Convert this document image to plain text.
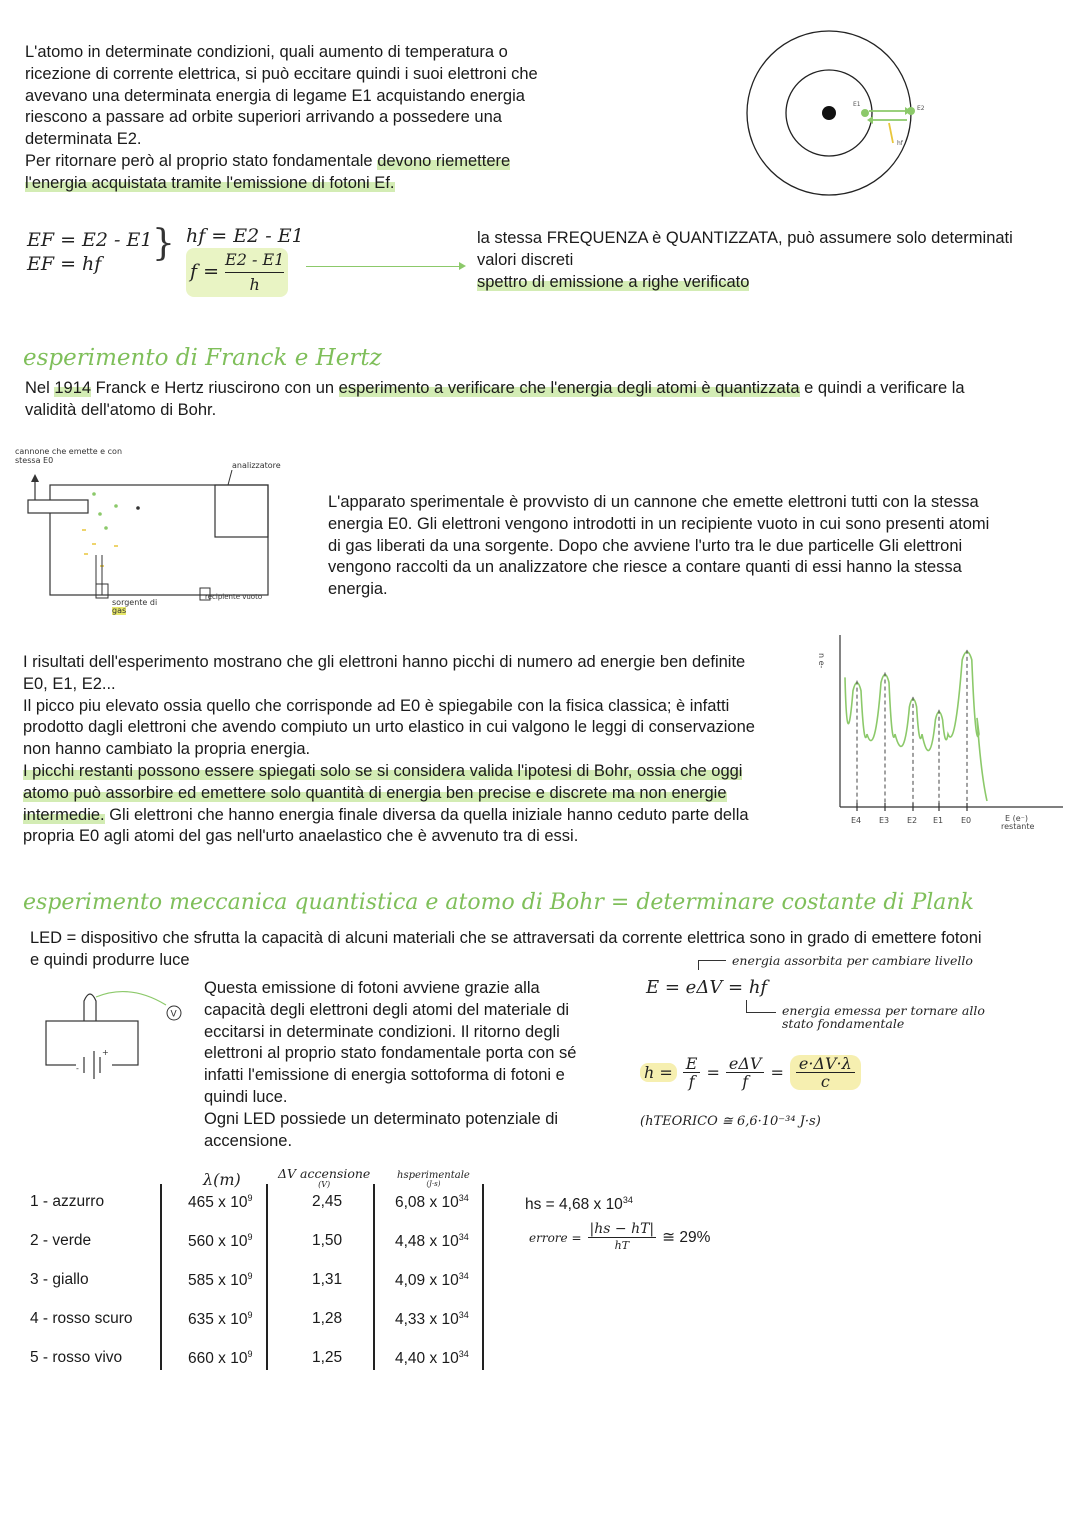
L'atomo in determinate condizioni, quali aumento di temperatura o
ricezione di corrente elettrica, si può eccitare quindi i suoi elettroni che
avevano una determinata energia di legame E1 acquistando energia
riescono a passare ad orbite superiori arrivando a possedere una
determinata E2.
Per ritornare però al proprio stato fondamentale devono riemettere
l'energia acquistata tramite l'emissione di fotoni Ef.
E1
E2
hf
EF = E2 - E1
EF = hf	} hf = E2 - E1
$f = \frac{E2 - E1}{h}$
la stessa FREQUENZA è QUANTIZZATA, può assumere solo determinati
valori discreti
spettro di emissione a righe verificato
esperimento di Franck e Hertz
Nel 1914 Franck e Hertz riuscirono con un esperimento a verificare che l'energia degli atomi è quantizzata e quindi a verificare la
validità dell'atomo di Bohr.
cannone che emette e con stessa E0
analizzatore
sorgente di
gas
recipiente vuoto
L'apparato sperimentale è provvisto di un cannone che emette elettroni tutti con la stessa
energia E0. Gli elettroni vengono introdotti in un recipiente vuoto in cui sono presenti atomi
di gas liberati da una sorgente. Dopo che avviene l'urto tra le due particelle Gli elettroni
vengono raccolti da un analizzatore che riesce a contare quanti di essi hanno la stessa
energia.
I risultati dell'esperimento mostrano che gli elettroni hanno picchi di numero ad energie ben definite
E0, E1, E2...
Il picco piu elevato ossia quello che corrisponde ad E0 è spiegabile con la fisica classica; è infatti
prodotto dagli elettroni che avendo compiuto un urto elastico in cui valgono le leggi di conservazione
non hanno cambiato la propria energia.
I picchi restanti possono essere spiegati solo se si considera valida l'ipotesi di Bohr, ossia che oggi
atomo può assorbire ed emettere solo quantità di energia ben precise e discrete ma non energie
intermedie. Gli elettroni che hanno energia finale diversa da quella iniziale hanno ceduto parte della
propria E0 agli atomi del gas nell'urto anaelastico che è avvenuto tra di essi.
n e-
E4 E3 E2 E1 E0	E (e⁻) restante
esperimento meccanica quantistica e atomo di Bohr = determinare costante di Plank
LED = dispositivo che sfrutta la capacità di alcuni materiali che se attraversati da corrente elettrica sono in grado di emettere fotoni
e quindi produrre luce
+
-
V
Questa emissione di fotoni avviene grazie alla
capacità degli elettroni degli atomi del materiale di
eccitarsi in determinate condizioni. Il ritorno degli
elettroni al proprio stato fondamentale porta con sé
infatti l'emissione di energia sottoforma di fotoni e
quindi luce.
Ogni LED possiede un determinato potenziale di
accensione.
energia assorbita per cambiare livello
E = eΔV = hf
energia emessa per tornare allo
stato fondamentale
$h = \frac{E}{f} = e\Delta V$
f	= $\frac{e\cdot\Delta V\cdot\lambda}{c}$
(hTEORICO ≅ 6,6·10⁻³⁴ J·s)
λ(m)	ΔV accensione
(V)
hsperimentale
(J·s)
1 - azzurro	465 x $10^9$	2,45	6,08 x $10^{34}$
2 - verde	560 x $10^9$	1,50	4,48 x $10^{34}$
3 - giallo	585 x $10^9$	1,31	4,09 x $10^{34}$
4 - rosso scuro	635 x $10^9$	1,28	4,33 x $10^{34}$
5 - rosso vivo	660 x $10^9$	1,25	4,40 x $10^{34}$
hs = 4,68 x $10^{34}$
errore =
|hs − hT|
hT	≅ 29%
